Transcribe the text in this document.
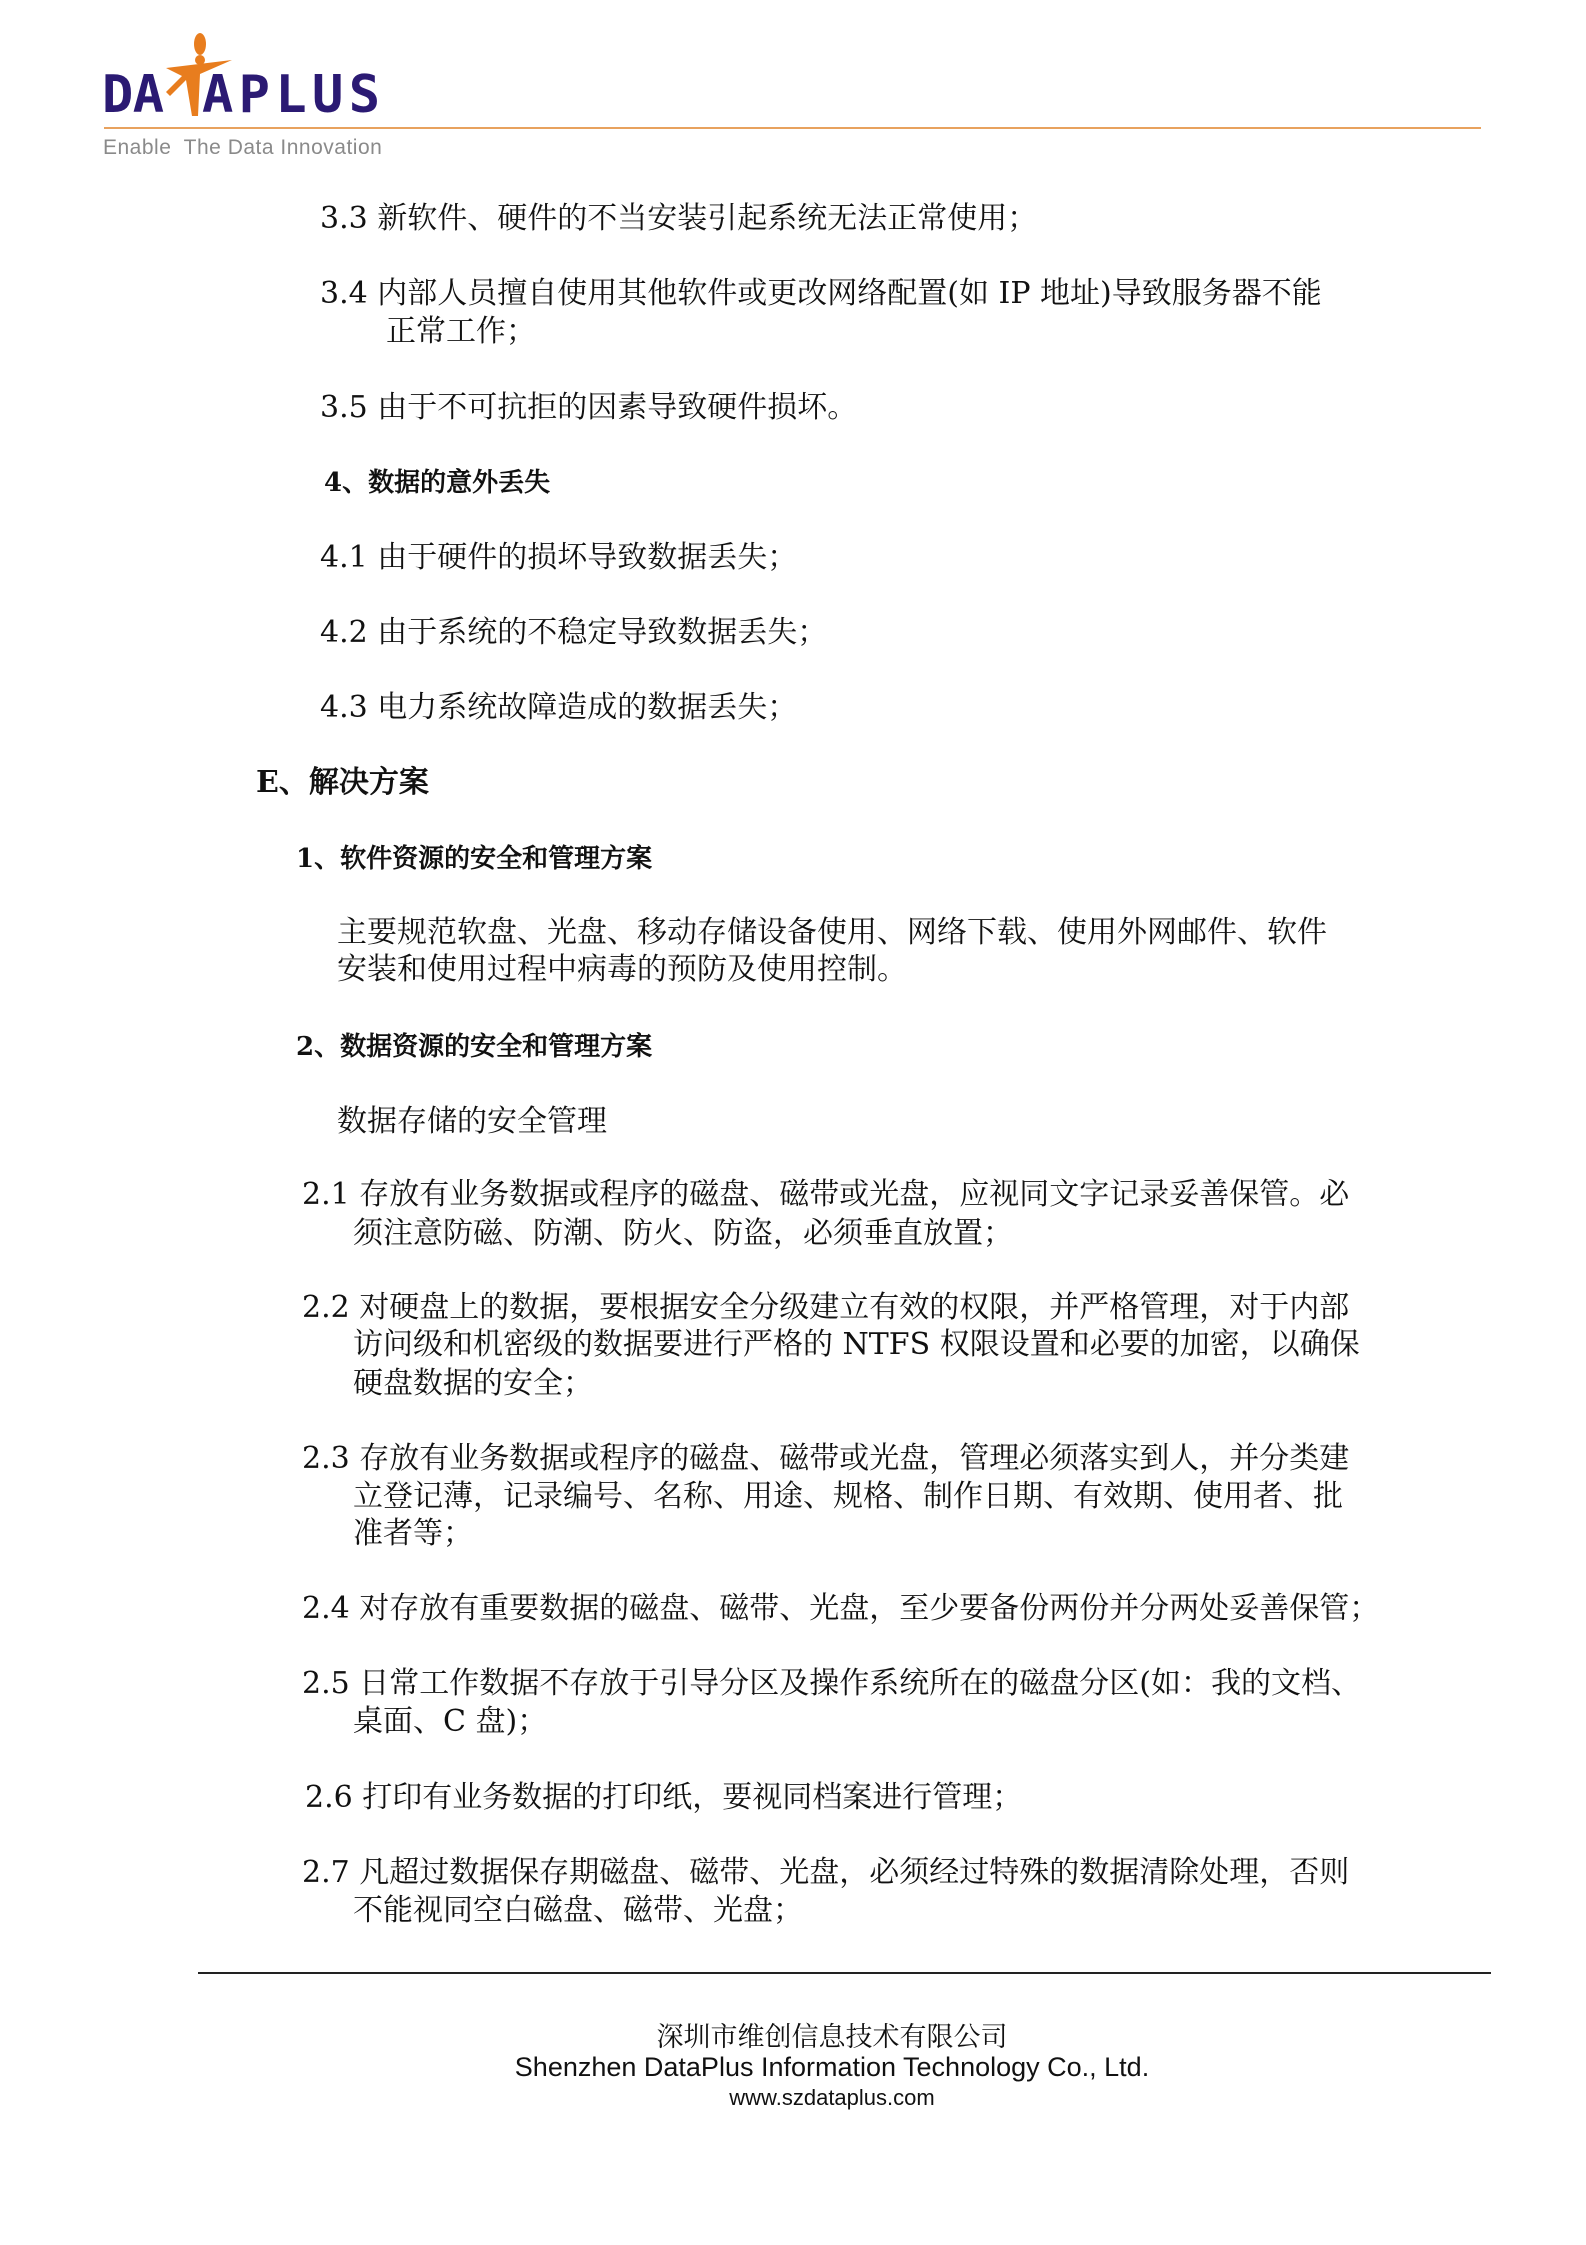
DA APLUS
Enable  The Data Innovation
3.3 新软件、硬件的不当安装引起系统无法正常使用；
3.4 内部人员擅自使用其他软件或更改网络配置(如 IP 地址)导致服务器不能
正常工作；
3.5 由于不可抗拒的因素导致硬件损坏。
4、数据的意外丢失
4.1 由于硬件的损坏导致数据丢失；
4.2 由于系统的不稳定导致数据丢失；
4.3 电力系统故障造成的数据丢失；
E、解决方案
1、软件资源的安全和管理方案
主要规范软盘、光盘、移动存储设备使用、网络下载、使用外网邮件、软件
安装和使用过程中病毒的预防及使用控制。
2、数据资源的安全和管理方案
数据存储的安全管理
2.1 存放有业务数据或程序的磁盘、磁带或光盘，应视同文字记录妥善保管。必
须注意防磁、防潮、防火、防盗，必须垂直放置；
2.2 对硬盘上的数据，要根据安全分级建立有效的权限，并严格管理，对于内部
访问级和机密级的数据要进行严格的 NTFS 权限设置和必要的加密，以确保
硬盘数据的安全；
2.3 存放有业务数据或程序的磁盘、磁带或光盘，管理必须落实到人，并分类建
立登记薄，记录编号、名称、用途、规格、制作日期、有效期、使用者、批
准者等；
2.4 对存放有重要数据的磁盘、磁带、光盘，至少要备份两份并分两处妥善保管；
2.5 日常工作数据不存放于引导分区及操作系统所在的磁盘分区(如：我的文档、
桌面、C 盘)；
2.6 打印有业务数据的打印纸，要视同档案进行管理；
2.7 凡超过数据保存期磁盘、磁带、光盘，必须经过特殊的数据清除处理，否则
不能视同空白磁盘、磁带、光盘；
深圳市维创信息技术有限公司
Shenzhen DataPlus Information Technology Co., Ltd.
www.szdataplus.com
